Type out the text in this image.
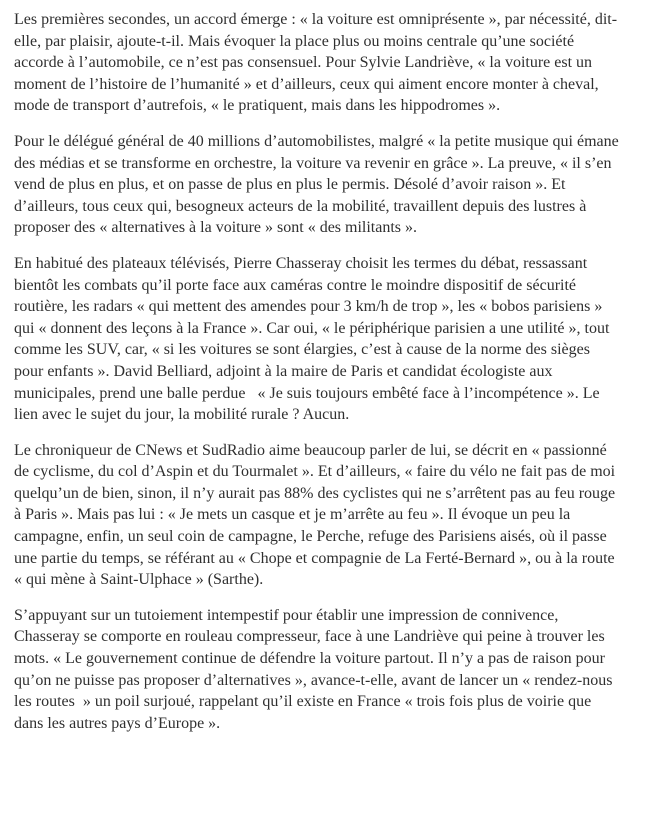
Les premières secondes, un accord émerge : « la voiture est omniprésente », par nécessité, dit-elle, par plaisir, ajoute-t-il. Mais évoquer la place plus ou moins centrale qu’une société accorde à l’automobile, ce n’est pas consensuel. Pour Sylvie Landriève, « la voiture est un moment de l’histoire de l’humanité » et d’ailleurs, ceux qui aiment encore monter à cheval, mode de transport d’autrefois, « le pratiquent, mais dans les hippodromes ».

Pour le délégué général de 40 millions d’automobilistes, malgré « la petite musique qui émane des médias et se transforme en orchestre, la voiture va revenir en grâce ». La preuve, « il s’en vend de plus en plus, et on passe de plus en plus le permis. Désolé d’avoir raison ». Et d’ailleurs, tous ceux qui, besogneux acteurs de la mobilité, travaillent depuis des lustres à proposer des « alternatives à la voiture » sont « des militants ».

En habitué des plateaux télévisés, Pierre Chasseray choisit les termes du débat, ressassant bientôt les combats qu’il porte face aux caméras contre le moindre dispositif de sécurité routière, les radars « qui mettent des amendes pour 3 km/h de trop », les « bobos parisiens » qui « donnent des leçons à la France ». Car oui, « le périphérique parisien a une utilité », tout comme les SUV, car, « si les voitures se sont élargies, c’est à cause de la norme des sièges pour enfants ». David Belliard, adjoint à la maire de Paris et candidat écologiste aux municipales, prend une balle perdue   « Je suis toujours embêté face à l’incompétence ». Le lien avec le sujet du jour, la mobilité rurale ? Aucun.

Le chroniqueur de CNews et SudRadio aime beaucoup parler de lui, se décrit en « passionné de cyclisme, du col d’Aspin et du Tourmalet ». Et d’ailleurs, « faire du vélo ne fait pas de moi quelqu’un de bien, sinon, il n’y aurait pas 88% des cyclistes qui ne s’arrêtent pas au feu rouge à Paris ». Mais pas lui : « Je mets un casque et je m’arrête au feu ». Il évoque un peu la campagne, enfin, un seul coin de campagne, le Perche, refuge des Parisiens aisés, où il passe une partie du temps, se référant au « Chope et compagnie de La Ferté-Bernard », ou à la route « qui mène à Saint-Ulphace » (Sarthe).

S’appuyant sur un tutoiement intempestif pour établir une impression de connivence, Chasseray se comporte en rouleau compresseur, face à une Landriève qui peine à trouver les mots. « Le gouvernement continue de défendre la voiture partout. Il n’y a pas de raison pour qu’on ne puisse pas proposer d’alternatives », avance-t-elle, avant de lancer un « rendez-nous les routes  » un poil surjoué, rappelant qu’il existe en France « trois fois plus de voirie que dans les autres pays d’Europe ».
